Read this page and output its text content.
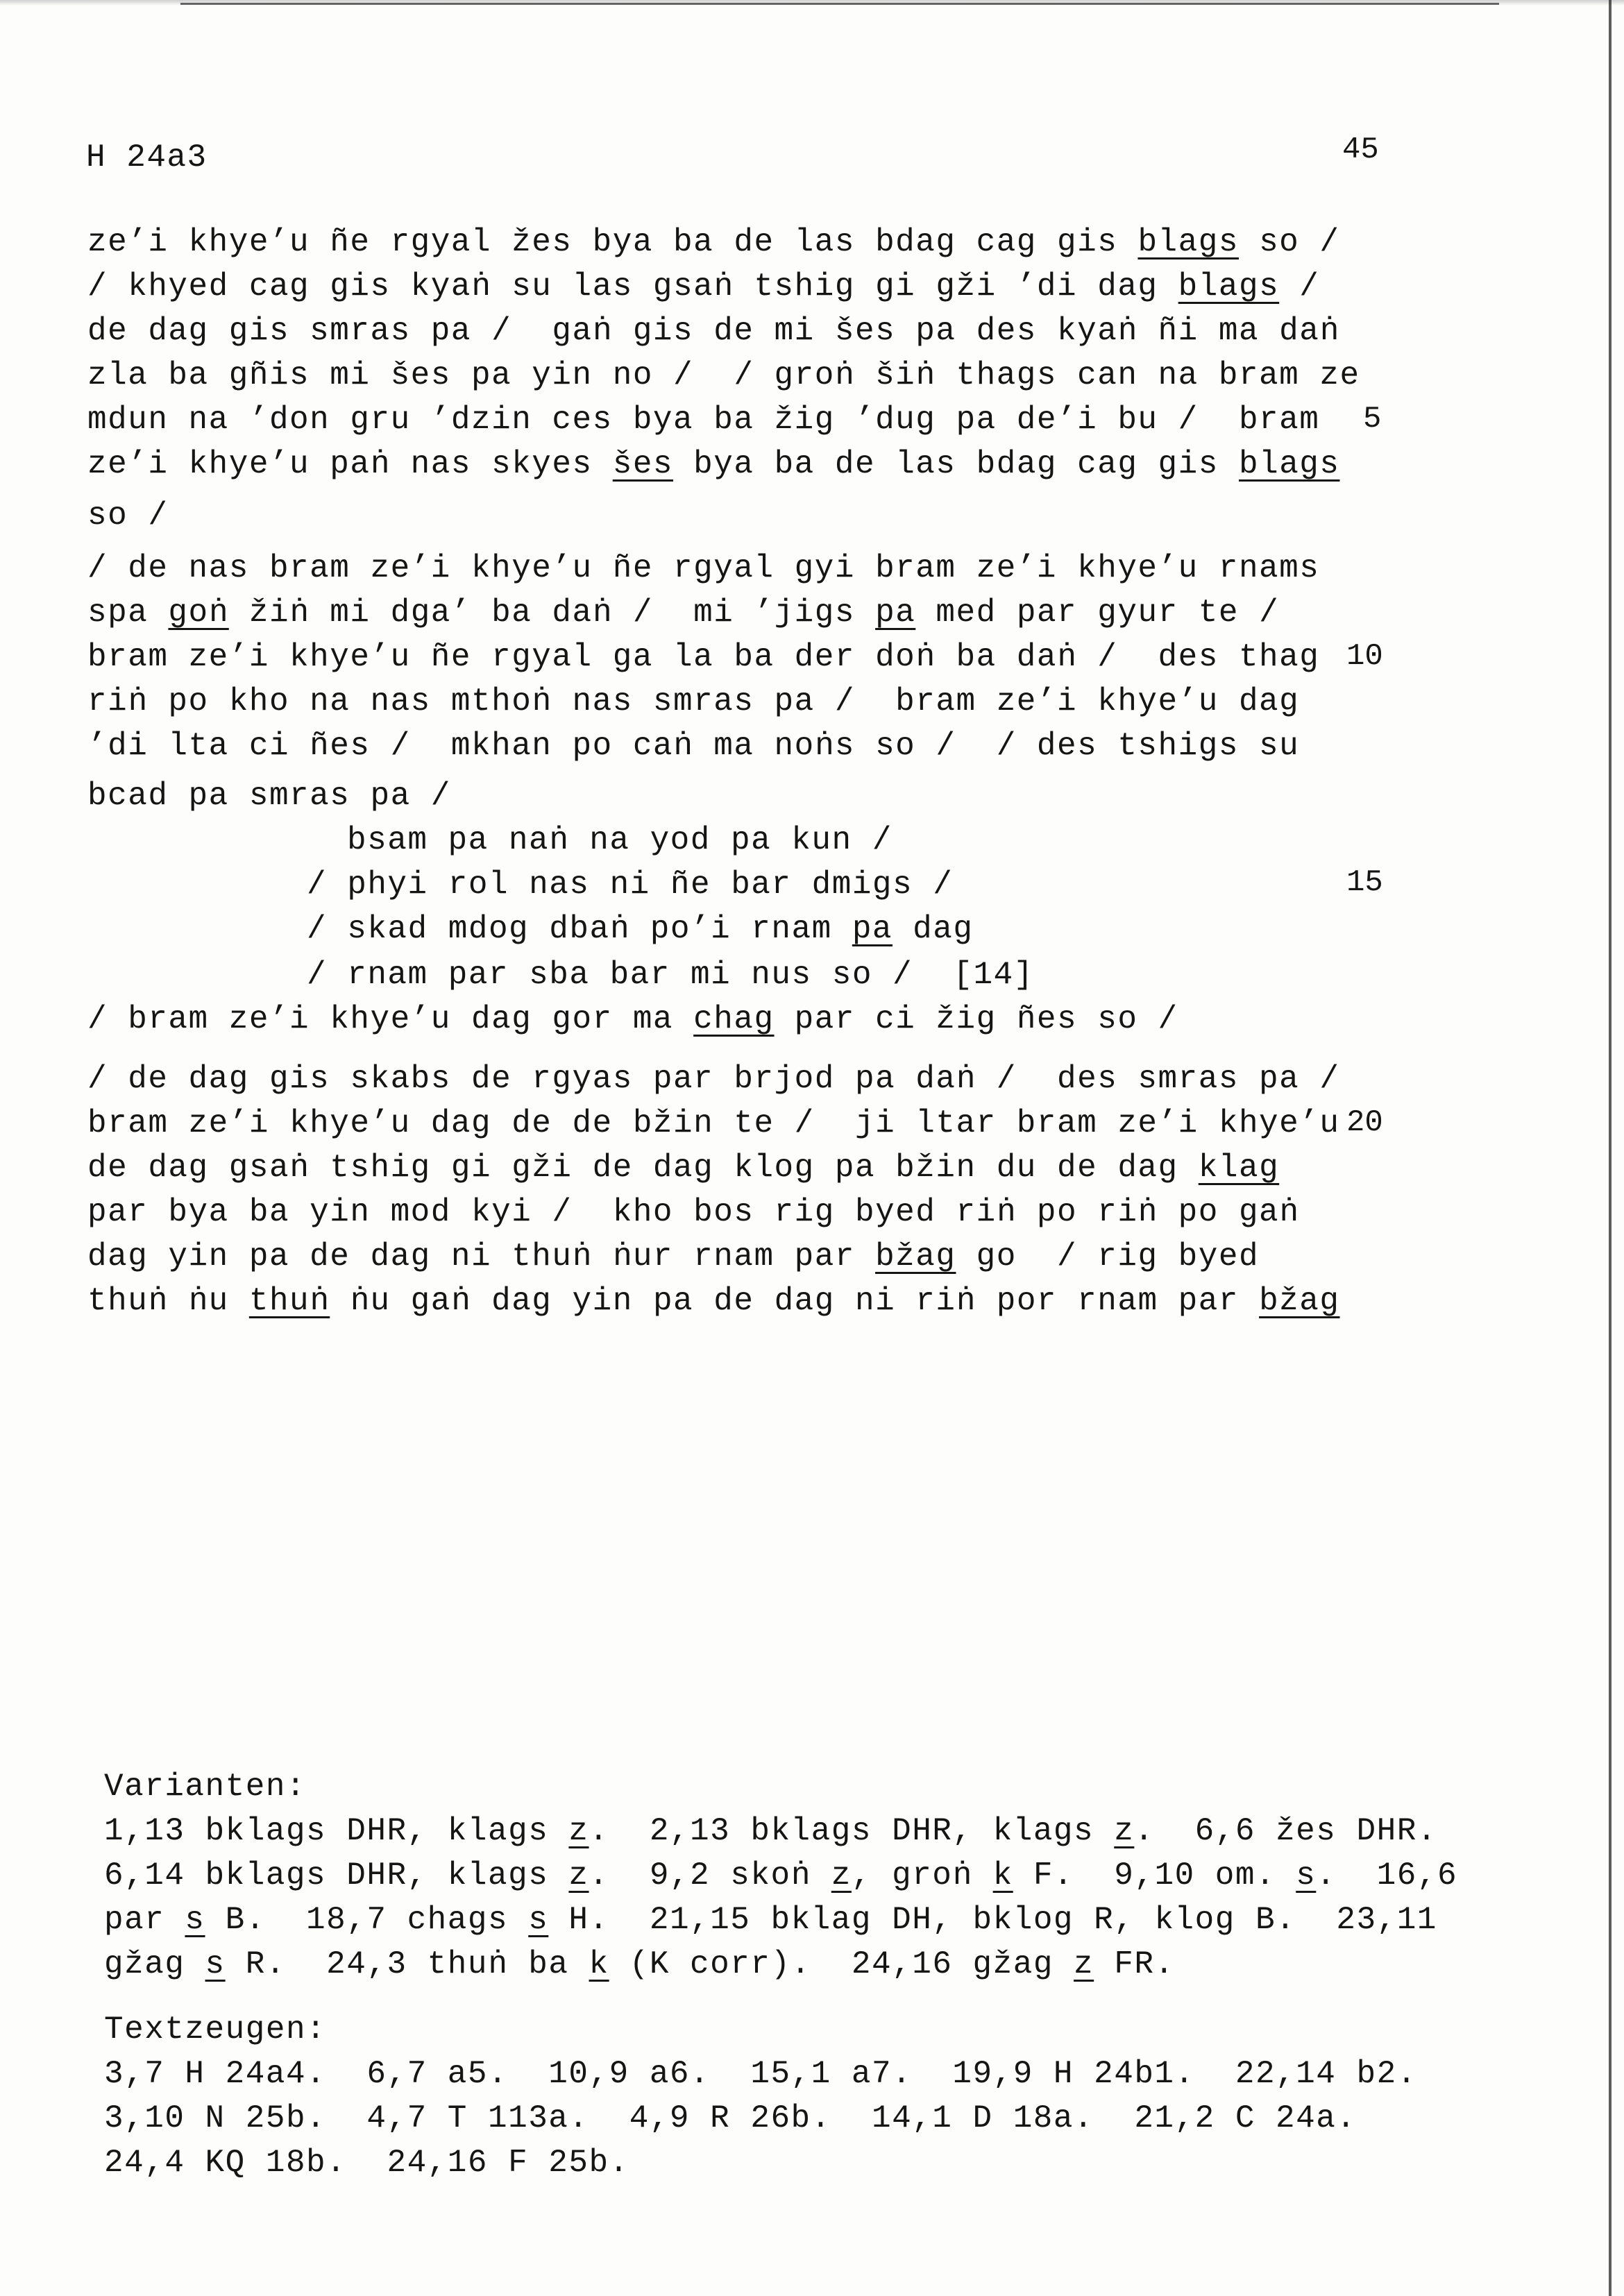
H 24a3	45
ze’i khye’u ñe rgyal žes bya ba de las bdag cag gis blags so /
/ khyed cag gis kyaṅ su las gsaṅ tshig gi gži ’di dag blags /
de dag gis smras pa /  gaṅ gis de mi šes pa des kyaṅ ñi ma daṅ
zla ba gñis mi šes pa yin no /  / groṅ šiṅ thags can na bram ze
mdun na ’don gru ’dzin ces bya ba žig ’dug pa de’i bu /  bram
ze’i khye’u paṅ nas skyes šes bya ba de las bdag cag gis blags
so /
/ de nas bram ze’i khye’u ñe rgyal gyi bram ze’i khye’u rnams
spa goṅ žiṅ mi dga’ ba daṅ /  mi ’jigs pa med par gyur te /
bram ze’i khye’u ñe rgyal ga la ba der doṅ ba daṅ /  des thag
riṅ po kho na nas mthoṅ nas smras pa /  bram ze’i khye’u dag
’di lta ci ñes /  mkhan po caṅ ma noṅs so /  / des tshigs su
bcad pa smras pa /
bsam pa naṅ na yod pa kun /
/ phyi rol nas ni ñe bar dmigs /
/ skad mdog dbaṅ po’i rnam pa dag
/ rnam par sba bar mi nus so /  [14]
/ bram ze’i khye’u dag gor ma chag par ci žig ñes so /
/ de dag gis skabs de rgyas par brjod pa daṅ /  des smras pa /
bram ze’i khye’u dag de de bžin te /  ji ltar bram ze’i khye’u
de dag gsaṅ tshig gi gži de dag klog pa bžin du de dag klag
par bya ba yin mod kyi /  kho bos rig byed riṅ po riṅ po gaṅ
dag yin pa de dag ni thuṅ ṅur rnam par bžag go  / rig byed
thuṅ ṅu thuṅ ṅu gaṅ dag yin pa de dag ni riṅ por rnam par bžag
5
10
15
20
Varianten:
1,13 bklags DHR, klags z.  2,13 bklags DHR, klags z.  6,6 žes DHR.
6,14 bklags DHR, klags z.  9,2 skoṅ z, groṅ k F.  9,10 om. s.  16,6
par s B.  18,7 chags s H.  21,15 bklag DH, bklog R, klog B.  23,11
gžag s R.  24,3 thuṅ ba k (K corr).  24,16 gžag z FR.
Textzeugen:
3,7 H 24a4.  6,7 a5.  10,9 a6.  15,1 a7.  19,9 H 24b1.  22,14 b2.
3,10 N 25b.  4,7 T 113a.  4,9 R 26b.  14,1 D 18a.  21,2 C 24a.
24,4 KQ 18b.  24,16 F 25b.
